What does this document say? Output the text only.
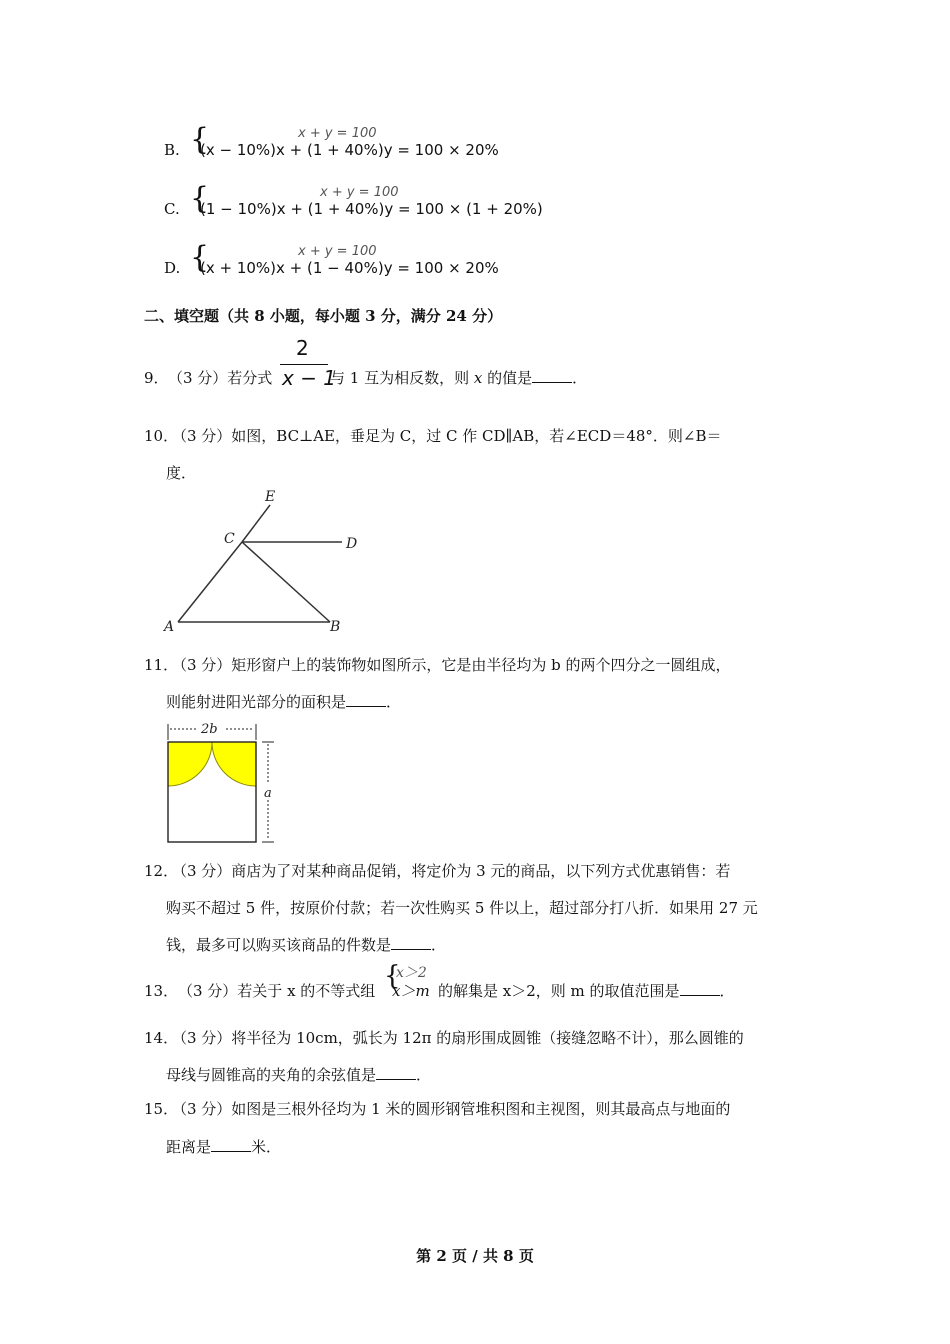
B. {	x + y = 100
(x − 10%)x + (1 + 40%)y = 100 × 20%
C. {	x + y = 100
(1 − 10%)x + (1 + 40%)y = 100 × (1 + 20%)
D. {	x + y = 100
(x + 10%)x + (1 − 40%)y = 100 × 20%
二、填空题（共 8 小题，每小题 3 分，满分 24 分）
9． （3 分）若分式
2
x − 1
与 1 互为相反数，则 x 的值是	．
10．
（3 分）如图，BC⊥AE，垂足为 C，过 C 作 CD∥AB，若∠ECD＝48°．则∠B＝
度．
E
C	D
A	B
11．
（3 分）矩形窗户上的装饰物如图所示，它是由半径均为 b 的两个四分之一圆组成，
则能射进阳光部分的面积是	．
2b
a
12．
（3 分）商店为了对某种商品促销，将定价为 3 元的商品，以下列方式优惠销售：若
购买不超过 5 件，按原价付款；若一次性购买 5 件以上，超过部分打八折．如果用 27 元
钱，最多可以购买该商品的件数是	．
13． （3 分）若关于 x 的不等式组 {
x＞2
x＞m 的解集是 x＞2，则 m 的取值范围是	．
14．
（3 分）将半径为 10cm，弧长为 12π 的扇形围成圆锥（接缝忽略不计），那么圆锥的
母线与圆锥高的夹角的余弦值是	．
15．
（3 分）如图是三根外径均为 1 米的圆形钢管堆积图和主视图，则其最高点与地面的
距离是	米．
第 2 页 / 共 8 页
